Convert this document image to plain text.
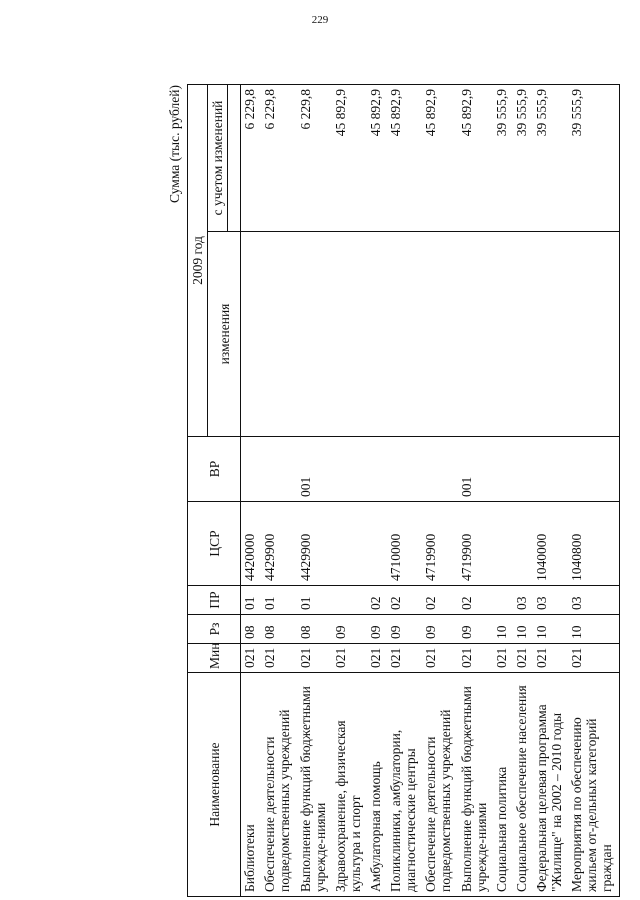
229
Сумма (тыс. рублей)
Наименование	Мин	Рз	ПР	ЦСР	ВР	2009 год	
						изменения	с учетом изменений

Библиотеки	021	08	01	4420000			6 229,8
Обеспечение деятельности подведомственных учреждений	021	08	01	4429900			6 229,8
Выполнение функций бюджетными учрежде-ниями	021	08	01	4429900	001		6 229,8
Здравоохранение, физическая культура и спорт	021	09					45 892,9
Амбулаторная помощь	021	09	02				45 892,9
Поликлиники, амбулатории, диагностические центры	021	09	02	4710000			45 892,9
Обеспечение деятельности подведомственных учреждений	021	09	02	4719900			45 892,9
Выполнение функций бюджетными учрежде-ниями	021	09	02	4719900	001		45 892,9
Социальная политика	021	10					39 555,9
Социальное обеспечение населения	021	10	03				39 555,9
Федеральная целевая программа "Жилище" на 2002 – 2010 годы	021	10	03	1040000			39 555,9
Мероприятия по обеспечению жильем от-дельных категорий граждан	021	10	03	1040800			39 555,9
